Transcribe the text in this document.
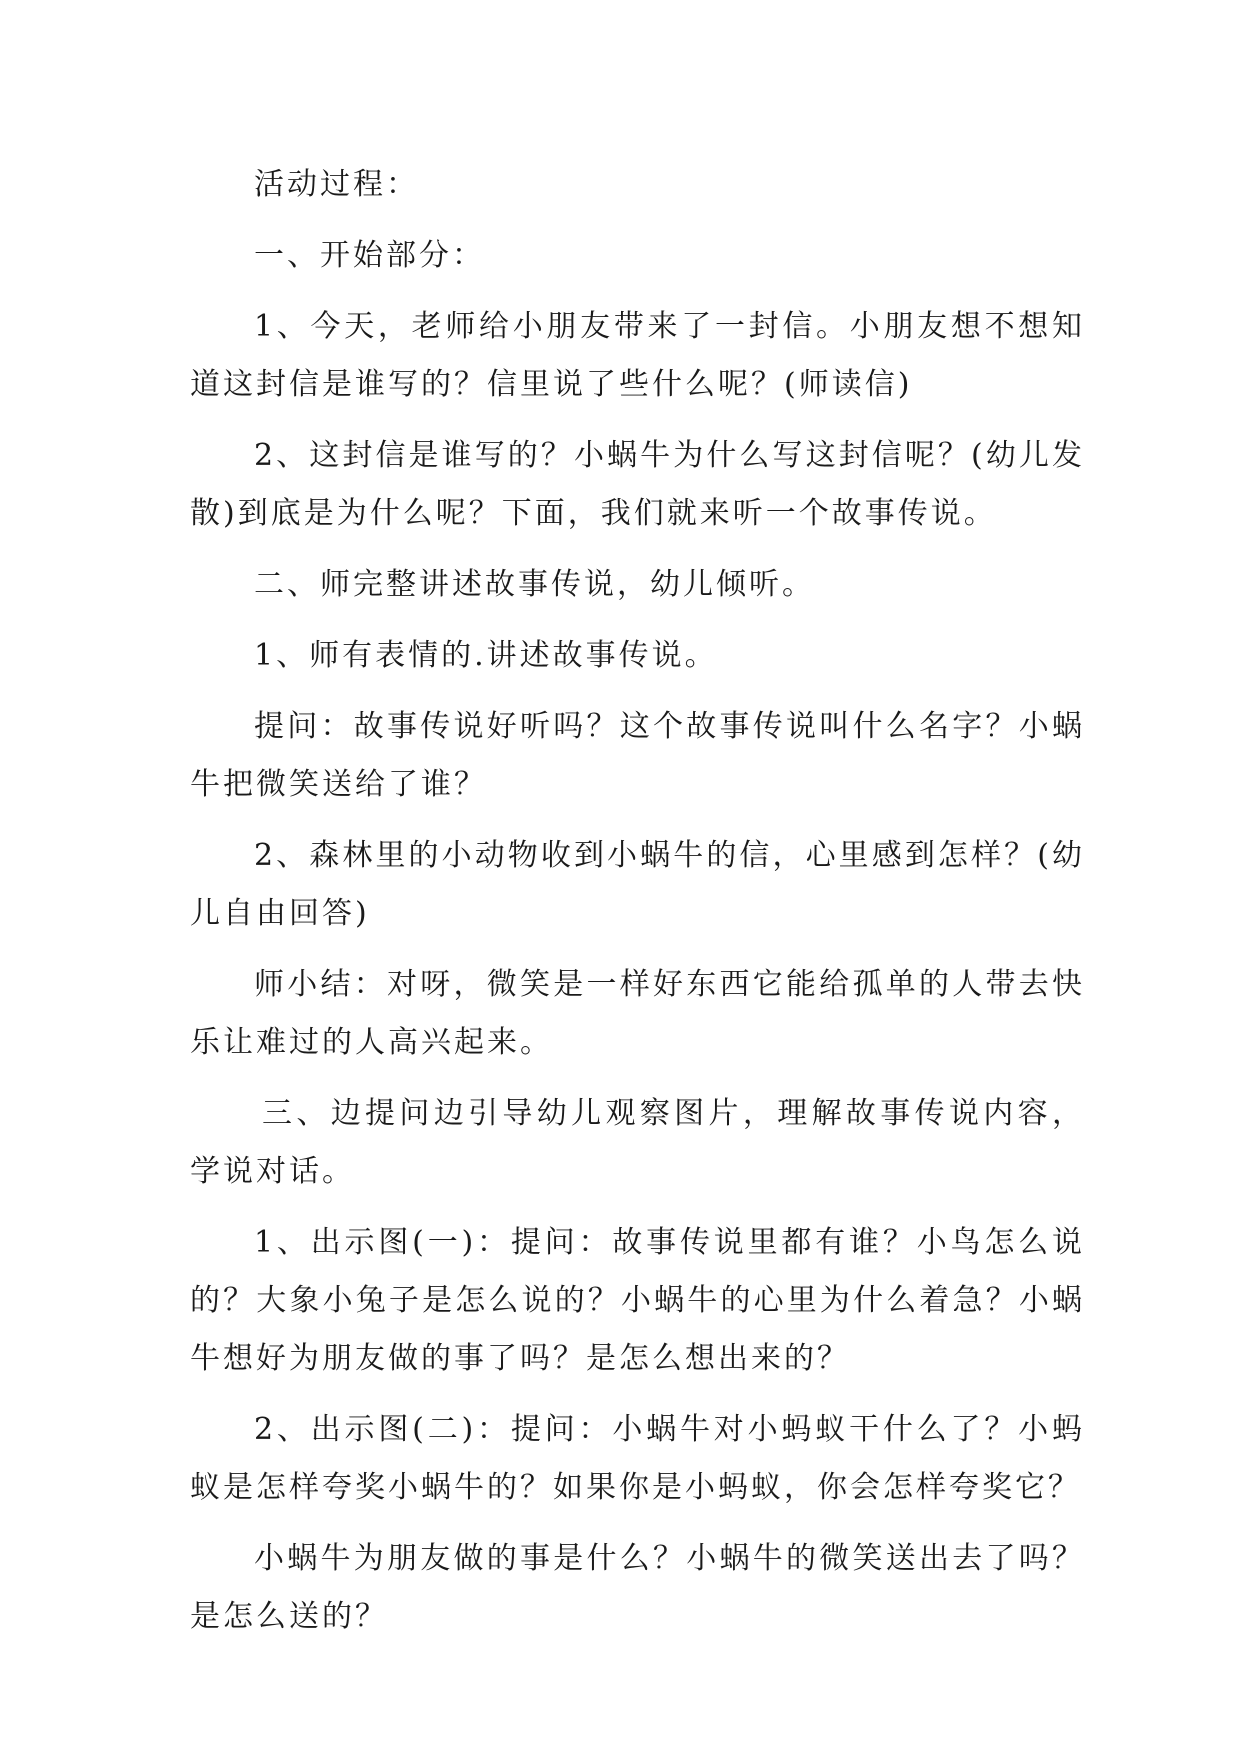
活动过程：

一、开始部分：

1、今天，老师给小朋友带来了一封信。小朋友想不想知道这封信是谁写的？信里说了些什么呢？(师读信)

2、这封信是谁写的？小蜗牛为什么写这封信呢？(幼儿发散)到底是为什么呢？下面，我们就来听一个故事传说。

二、师完整讲述故事传说，幼儿倾听。

1、师有表情的.讲述故事传说。

提问：故事传说好听吗？这个故事传说叫什么名字？小蜗牛把微笑送给了谁？

2、森林里的小动物收到小蜗牛的信，心里感到怎样？(幼儿自由回答)

师小结：对呀，微笑是一样好东西它能给孤单的人带去快乐让难过的人高兴起来。

三、边提问边引导幼儿观察图片，理解故事传说内容，学说对话。

1、出示图(一)：提问：故事传说里都有谁？小鸟怎么说的？大象小兔子是怎么说的？小蜗牛的心里为什么着急？小蜗牛想好为朋友做的事了吗？是怎么想出来的？

2、出示图(二)：提问：小蜗牛对小蚂蚁干什么了？小蚂蚁是怎样夸奖小蜗牛的？如果你是小蚂蚁，你会怎样夸奖它？

小蜗牛为朋友做的事是什么？小蜗牛的微笑送出去了吗？是怎么送的？
